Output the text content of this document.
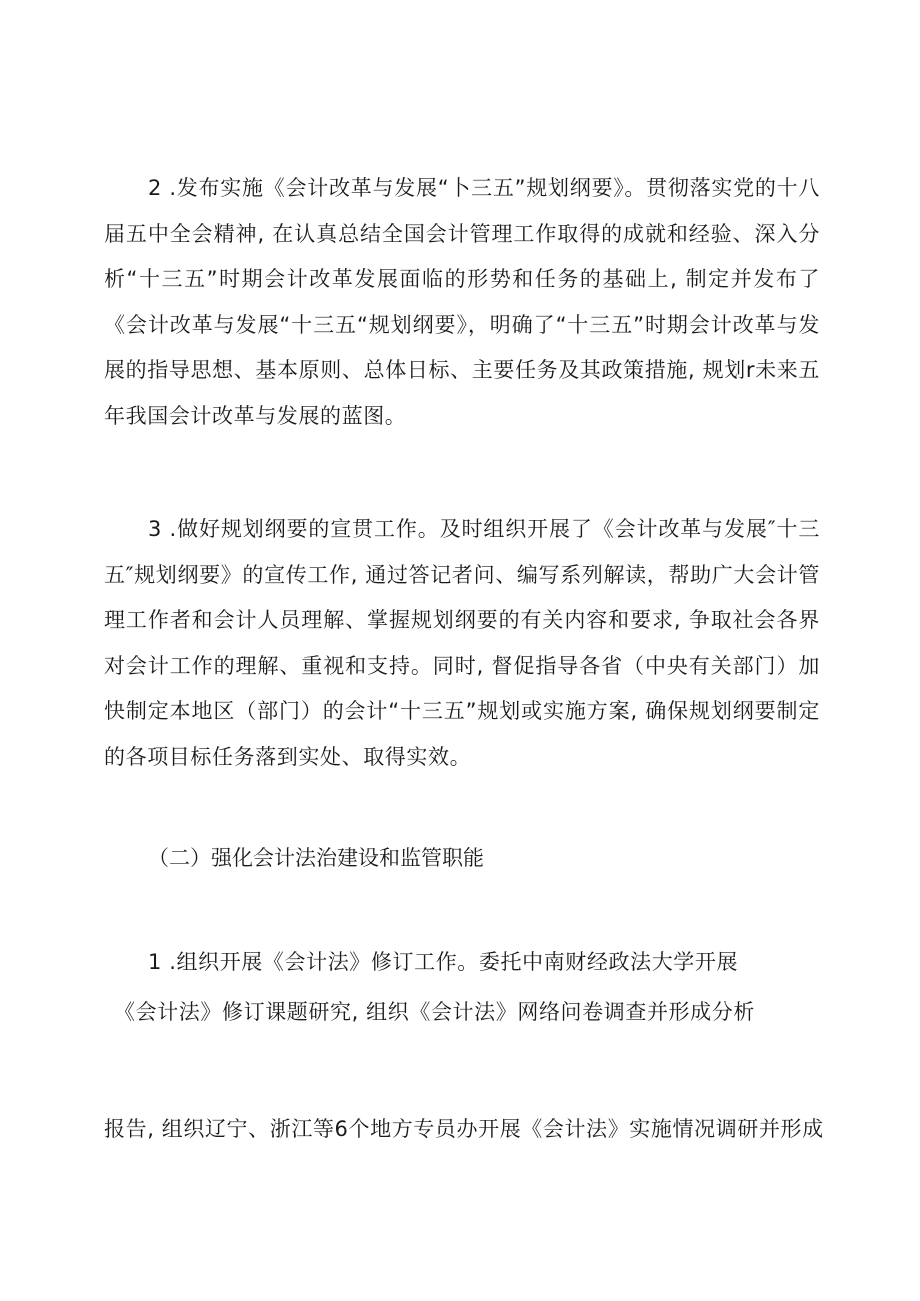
2 .发布实施《会计改革与发展“卜三五”规划纲要》。贯彻落实党的十八届五中全会精神, 在认真总结全国会计管理工作取得的成就和经验、深入分析“十三五”时期会计改革发展面临的形势和任务的基础上, 制定并发布了《会计改革与发展“十三五“规划纲要》，明确了“十三五”时期会计改革与发展的指导思想、基本原则、总体日标、主要任务及其政策措施, 规划r未来五年我国会计改革与发展的蓝图。

3 .做好规划纲要的宣贯工作。及时组织开展了《会计改革与发展″十三五″规划纲要》的宣传工作, 通过答记者问、编写系列解读，帮助广大会计管理工作者和会计人员理解、掌握规划纲要的有关内容和要求, 争取社会各界对会计工作的理解、重视和支持。同时, 督促指导各省（中央有关部门）加快制定本地区（部门）的会计“十三五”规划或实施方案, 确保规划纲要制定的各项目标任务落到实处、取得实效。

（二）强化会计法治建设和监管职能
1 .组织开展《会计法》修订工作。委托中南财经政法大学开展
《会计法》修订课题研究, 组织《会计法》网络问卷调查并形成分析
报告, 组织辽宁、浙江等6个地方专员办开展《会计法》实施情况调研并形成
